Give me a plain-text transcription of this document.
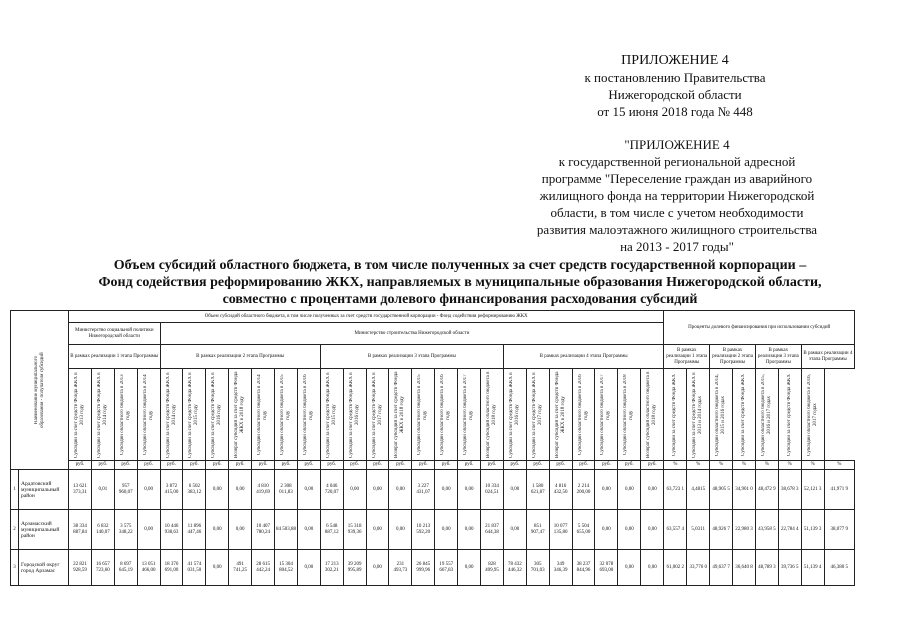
ПРИЛОЖЕНИЕ 4
к постановлению Правительства
Нижегородской области
от 15 июня 2018 года № 448
"ПРИЛОЖЕНИЕ 4
к государственной региональной адресной
программе "Переселение граждан из аварийного
жилищного фонда на территории Нижегородской
области, в том числе с учетом необходимости
развития малоэтажного жилищного строительства
на 2013 - 2017 годы"
Объем субсидий областного бюджета, в том числе полученных за счет средств государственной корпорации –
Фонд содействия реформированию ЖКХ, направляемых в муниципальные образования Нижегородской области,
совместно с процентами долевого финансирования расходования субсидий
Наименование муниципального образования - получателя субсидий		Объем субсидий областного бюджета, в том числе полученных за счет средств государственной корпорации - Фонд содействия реформированию ЖКХ																										Проценты долевого финансирования при использовании субсидий							
		Министерство социальной политики Нижегородской области				Министерство строительства Нижегородской области																													
		В рамках реализации 1 этапа Программы				В рамках реализации 2 этапа Программы							В рамках реализации 3 этапа Программы								В рамках реализации 4 этапа Программы							В рамках реализации 1 этапа Программы		В рамках реализации 2 этапа Программы		В рамках реализации 3 этапа Программы		В рамках реализации 4 этапа Программы	

		Субсидии за счет средств Фонда ЖКХ в 2013 году	Субсидии за счет средств Фонда ЖКХ в 2014 году	Субсидии областного бюджета в 2013 году	Субсидии областного бюджета в 2014 году	Субсидии за счет средств Фонда ЖКХ в 2014 году	Субсидии за счет средств Фонда ЖКХ в 2015 году	Субсидии за счет средств Фонда ЖКХ в 2016 году	Возврат субсидий за счет средств Фонда ЖКХ в 2018 году	Субсидии областного бюджета в 2014 году	Субсидии областного бюджета в 2015 году	Субсидии областного бюджета в 2016 году	Субсидии за счет средств Фонда ЖКХ в 2015 году	Субсидии за счет средств Фонда ЖКХ в 2016 году	Субсидии за счет средств Фонда ЖКХ в 2017 году	Возврат субсидий за счет средств Фонда ЖКХ в 2018 году	Субсидии областного бюджета в 2015 году	Субсидии областного бюджета в 2016 году	Субсидии областного бюджета в 2017 году	Возврат субсидий областного бюджета в 2018 году	Субсидии за счет средств Фонда ЖКХ в 2016 году	Субсидии за счет средств Фонда ЖКХ в 2017 году	Возврат субсидий за счет средств Фонда ЖКХ в 2018 году	Субсидии областного бюджета в 2016 году	Субсидии областного бюджета в 2017 году	Субсидии областного бюджета в 2018 году	Возврат субсидий областного бюджета в 2018 году	Субсидии за счет средств Фонда ЖКХ	Субсидии за счет средств Фонда ЖКХ в 2013 и 2014 годах	Субсидии областного бюджета в 2014, 2015 и 2016 годах	Субсидии за счет средств Фонда ЖКХ	Субсидии областного бюджета в 2015, 2016 и 2017 годах	Субсидии за счет средств Фонда ЖКХ	Субсидии областного бюджета в 2016, 2017 годах	

		руб.	руб.	руб.	руб.	руб.	руб.	руб.	руб.	руб.	руб.	руб.	руб.	руб.	руб.	руб.	руб.	руб.	руб.	руб.	руб.	руб.	руб.	руб.	руб.	руб.	руб.	%	%	%	%	%	%	%	%
1	Ардатовский муниципальный район	13 621 373,31	0,01	957 960,07	0,00	3 872 415,00	6 502 383,12	0,00	0,00	4 810 419,69	2 308 011,83	0,00	4 046 720,07	0,00	0,00	0,00	3 227 431,07	0,00	0,00	10 334 024,51	0,00	1 580 621,87	4 816 432,50	2 214 200,00	0,00	0,00	0,00	63,723 1	4,4815	48,905 5	34,901 0	48,472 9	38,678 3	52,121 3	41,971 9
2	Арзамасский муниципальный район	38 334 887,84	6 832 140,07	3 575 348,22	0,00	10 446 938,63	11 896 447,46	0,00	0,00	10 407 780,24	84 503,88	0,00	6 548 887,12	15 318 939,36	0,00	0,00	10 213 592,20	0,00	0,00	21 837 644,38	0,00	851 907,47	10 077 135,80	5 504 655,00	0,00	0,00	0,00	63,557 4	5,0311	48,926 7	22,980 3	43,958 5	22,784 4	51,139 3	38,077 9
3	Городской округ город Арзамас	22 821 928,59	16 657 723,60	8 697 645,19	13 051 466,00	18 376 691,00	41 574 031,50	0,00	491 741,25	28 615 442,24	15 304 804,52	0,00	17 213 302,21	39 209 995,89	0,00	231 493,73	26 845 999,96	19 557 667,83	0,00	828 409,95	78 432 446,32	305 701,03	349 346,39	38 237 844,96	32 078 693,00	0,00	0,00	61,002 2	33,776 0	49,637 7	36,640 8	48,789 3	39,736 5	51,139 4	46,380 5
